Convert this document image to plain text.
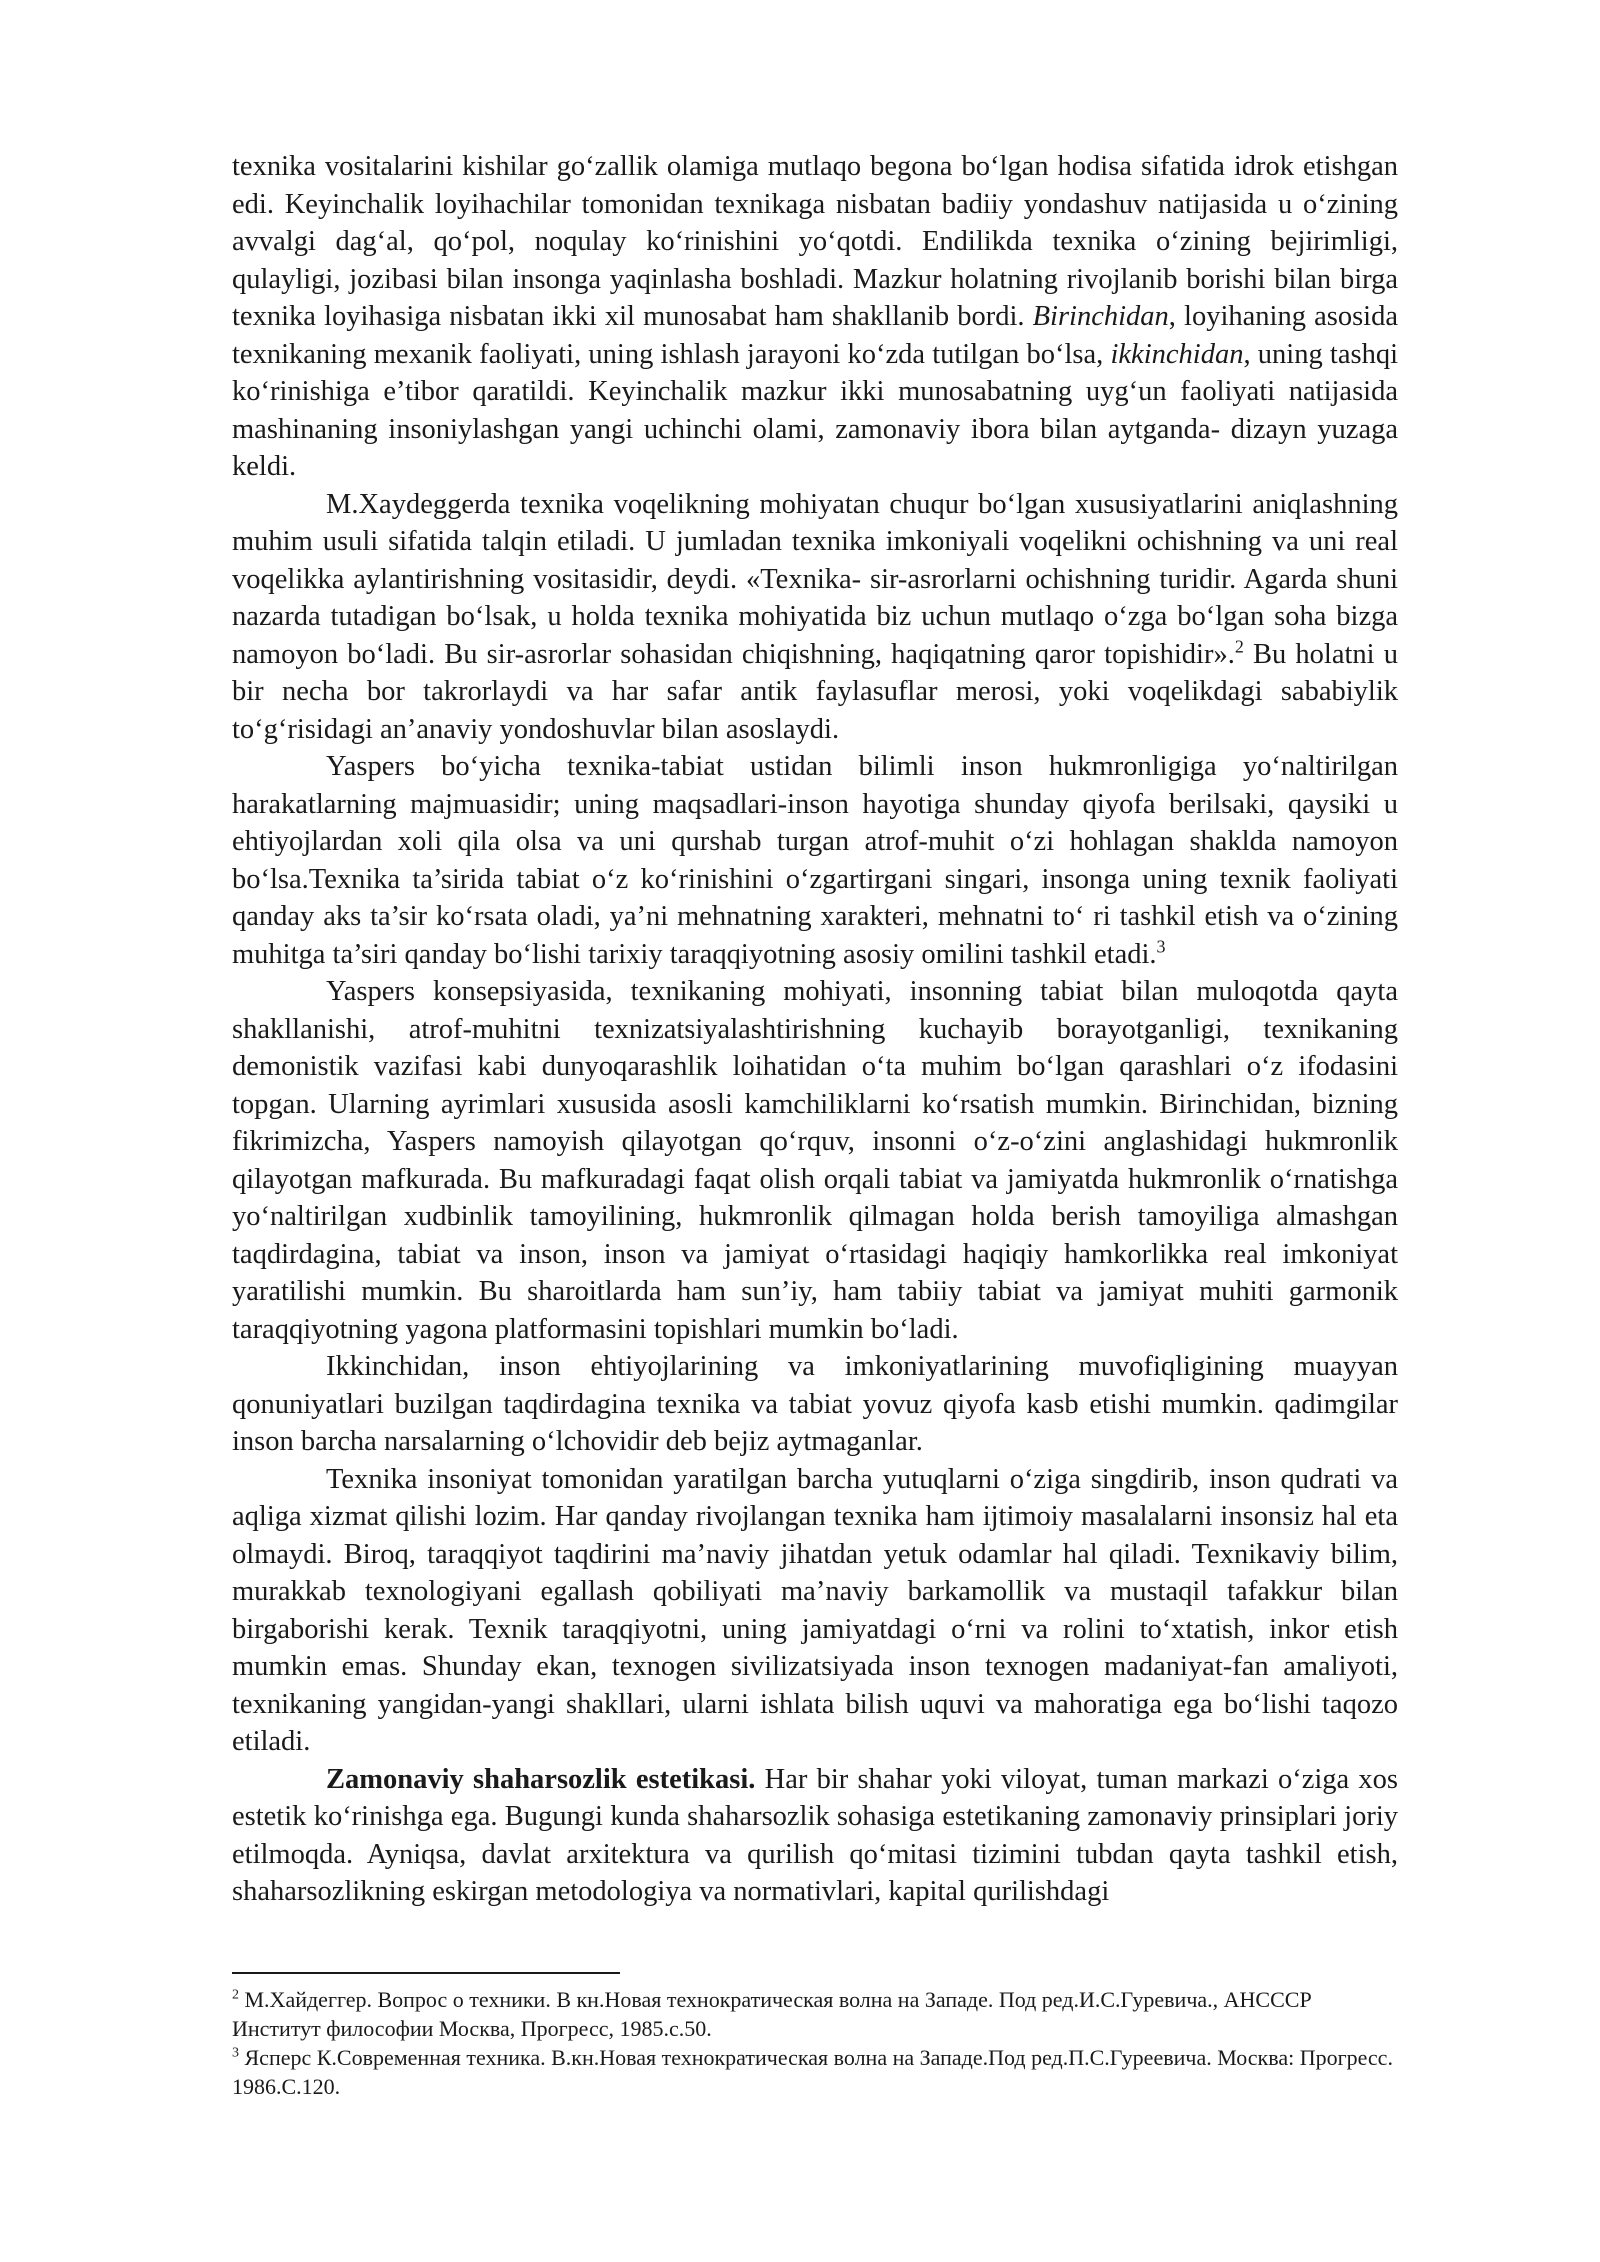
texnika vositalarini kishilar go‘zallik olamiga mutlaqo begona bo‘lgan hodisa sifatida idrok etishgan edi. Keyinchalik loyihachilar tomonidan texnikaga nisbatan badiiy yondashuv natijasida u o‘zining avvalgi dag‘al, qo‘pol, noqulay ko‘rinishini yo‘qotdi. Endilikda texnika o‘zining bejirimligi, qulayligi, jozibasi bilan insonga yaqinlasha boshladi. Mazkur holatning rivojlanib borishi bilan birga texnika loyihasiga nisbatan ikki xil munosabat ham shakllanib bordi. Birinchidan, loyihaning asosida texnikaning mexanik faoliyati, uning ishlash jarayoni ko‘zda tutilgan bo‘lsa, ikkinchidan, uning tashqi ko‘rinishiga e’tibor qaratildi. Keyinchalik mazkur ikki munosabatning uyg‘un faoliyati natijasida mashinaning insoniylashgan yangi uchinchi olami, zamonaviy ibora bilan aytganda- dizayn yuzaga keldi.

M.Xaydeggerda texnika voqelikning mohiyatan chuqur bo‘lgan xususiyatlarini aniqlashning muhim usuli sifatida talqin etiladi. U jumladan texnika imkoniyali voqelikni ochishning va uni real voqelikka aylantirishning vositasidir, deydi. «Texnika- sir-asrorlarni ochishning turidir. Agarda shuni nazarda tutadigan bo‘lsak, u holda texnika mohiyatida biz uchun mutlaqo o‘zga bo‘lgan soha bizga namoyon bo‘ladi. Bu sir-asrorlar sohasidan chiqishning, haqiqatning qaror topishidir».$^2$ Bu holatni u bir necha bor takrorlaydi va har safar antik faylasuflar merosi, yoki voqelikdagi sababiylik to‘g‘risidagi an’anaviy yondoshuvlar bilan asoslaydi.

Yaspers bo‘yicha texnika-tabiat ustidan bilimli inson hukmronligiga yo‘naltirilgan harakatlarning majmuasidir; uning maqsadlari-inson hayotiga shunday qiyofa berilsaki, qaysiki u ehtiyojlardan xoli qila olsa va uni qurshab turgan atrof-muhit o‘zi hohlagan shaklda namoyon bo‘lsa.Texnika ta’sirida tabiat o‘z ko‘rinishini o‘zgartirgani singari, insonga uning texnik faoliyati qanday aks ta’sir ko‘rsata oladi, ya’ni mehnatning xarakteri, mehnatni to‘ ri tashkil etish va o‘zining muhitga ta’siri qanday bo‘lishi tarixiy taraqqiyotning asosiy omilini tashkil etadi.$^3$

Yaspers konsepsiyasida, texnikaning mohiyati, insonning tabiat bilan muloqotda qayta shakllanishi, atrof-muhitni texnizatsiyalashtirishning kuchayib borayotganligi, texnikaning demonistik vazifasi kabi dunyoqarashlik loihatidan o‘ta muhim bo‘lgan qarashlari o‘z ifodasini topgan. Ularning ayrimlari xususida asosli kamchiliklarni ko‘rsatish mumkin. Birinchidan, bizning fikrimizcha, Yaspers namoyish qilayotgan qo‘rquv, insonni o‘z-o‘zini anglashidagi hukmronlik qilayotgan mafkurada. Bu mafkuradagi faqat olish orqali tabiat va jamiyatda hukmronlik o‘rnatishga yo‘naltirilgan xudbinlik tamoyilining, hukmronlik qilmagan holda berish tamoyiliga almashgan taqdirdagina, tabiat va inson, inson va jamiyat o‘rtasidagi haqiqiy hamkorlikka real imkoniyat yaratilishi mumkin. Bu sharoitlarda ham sun’iy, ham tabiiy tabiat va jamiyat muhiti garmonik taraqqiyotning yagona platformasini topishlari mumkin bo‘ladi.

Ikkinchidan, inson ehtiyojlarining va imkoniyatlarining muvofiqligining muayyan qonuniyatlari buzilgan taqdirdagina texnika va tabiat yovuz qiyofa kasb etishi mumkin. qadimgilar inson barcha narsalarning o‘lchovidir deb bejiz aytmaganlar.

Texnika insoniyat tomonidan yaratilgan barcha yutuqlarni o‘ziga singdirib, inson qudrati va aqliga xizmat qilishi lozim. Har qanday rivojlangan texnika ham ijtimoiy masalalarni insonsiz hal eta olmaydi. Biroq, taraqqiyot taqdirini ma’naviy jihatdan yetuk odamlar hal qiladi. Texnikaviy bilim, murakkab texnologiyani egallash qobiliyati ma’naviy barkamollik va mustaqil tafakkur bilan birgaborishi kerak. Texnik taraqqiyotni, uning jamiyatdagi o‘rni va rolini to‘xtatish, inkor etish mumkin emas. Shunday ekan, texnogen sivilizatsiyada inson texnogen madaniyat-fan amaliyoti, texnikaning yangidan-yangi shakllari, ularni ishlata bilish uquvi va mahoratiga ega bo‘lishi taqozo etiladi.

Zamonaviy shaharsozlik estetikasi. Har bir shahar yoki viloyat, tuman markazi o‘ziga xos estetik ko‘rinishga ega. Bugungi kunda shaharsozlik sohasiga estetikaning zamonaviy prinsiplari joriy etilmoqda. Ayniqsa, davlat arxitektura va qurilish qo‘mitasi tizimini tubdan qayta tashkil etish, shaharsozlikning eskirgan metodologiya va normativlari, kapital qurilishdagi

$^2$ М.Хайдеггер. Вопрос о техники. В кн.Новая технократическая волна на Западе. Под ред.И.С.Гуревича., АНСССР Институт философии Москва, Прогресс, 1985.с.50.
$^3$ Ясперс К.Современная техника. В.кн.Новая технократическая волна на Западе.Под ред.П.С.Гуреевича. Москва: Прогресс. 1986.С.120.
